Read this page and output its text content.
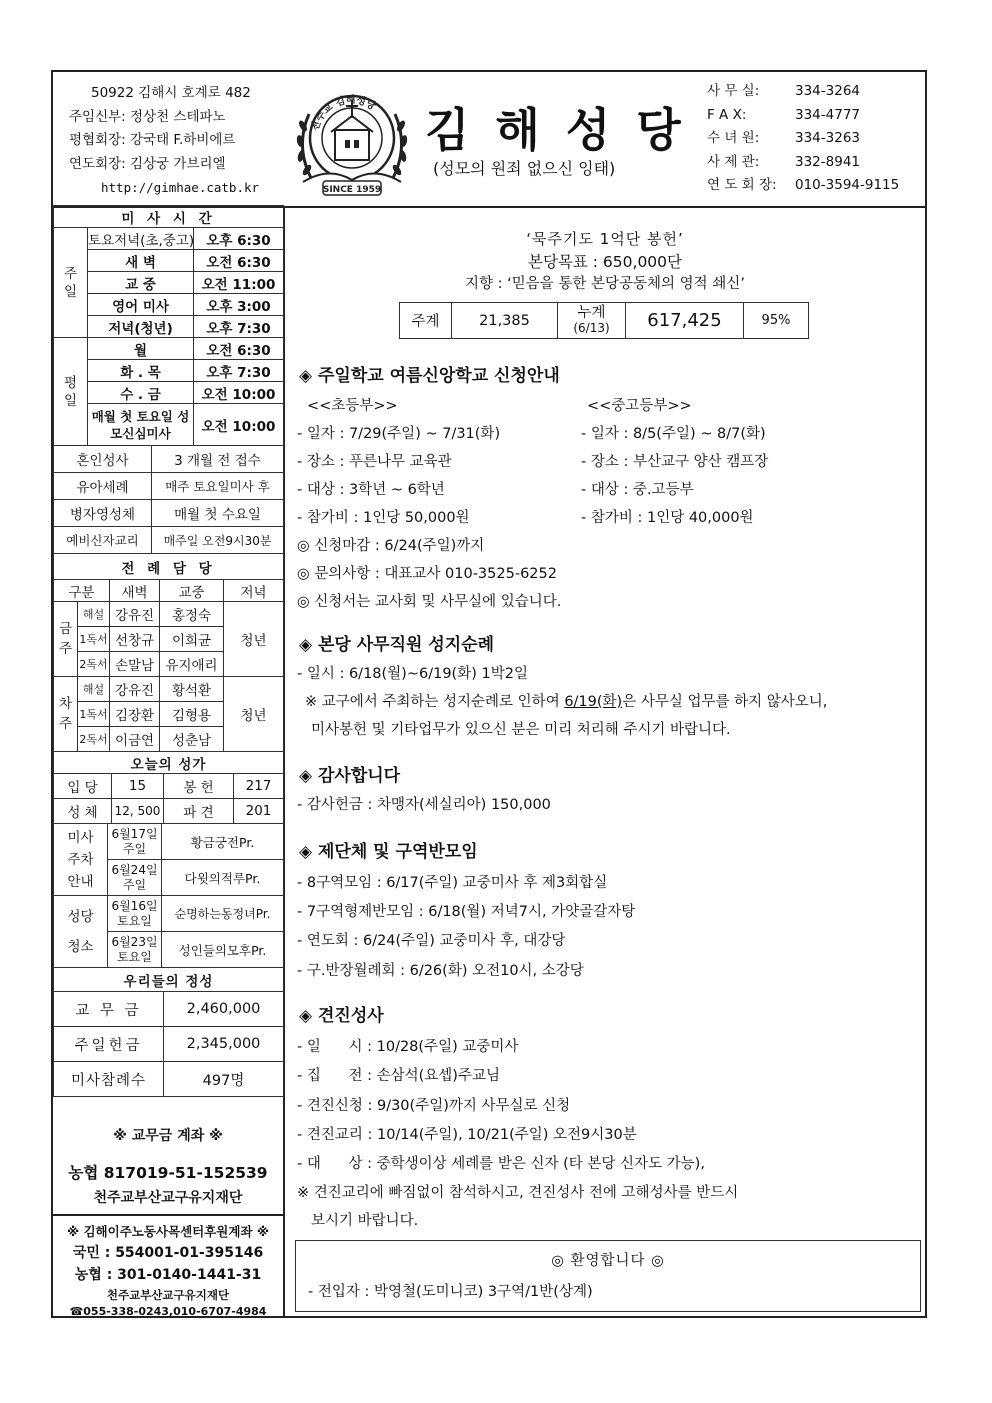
50922 김해시 호계로 482
주임신부: 정상천 스테파노
평협회장: 강국태 F.하비에르
연도회장: 김상궁 가브리엘
http://gimhae.catb.kr
천주교 김해성당
SINCE 1959
김해성당
(성모의 원죄 없으신 잉태)
사 무 실:	334-3264
F A X:	334-4777
수 녀 원:	334-3263
사 제 관:	332-8941
연 도 회 장: 010-3594-9115
미 사 시 간		
주일	토요저녁(초,중고)	오후 6:30
	새 벽	오전 6:30
	교 중	오전 11:00
	영어 미사	오후 3:00
	저녁(청년)	오후 7:30
평일	월	오전 6:30
	화 . 목	오후 7:30
	수 . 금	오전 10:00
	매월 첫 토요일 성모신심미사	오전 10:00
혼인성사	3 개월 전 접수
유아세례	매주 토요일미사 후
병자영성체	매월 첫 수요일
예비신자교리	매주일 오전9시30분
전 례 담 당				
구분		새벽	교중	저녁
금주	해설	강유진	홍정숙	청년
	1독서	선창규	이희균	
	2독서	손말남	유지애리	
차주	해설	강유진	황석환	청년
	1독서	김장환	김형용	
	2독서	이금연	성춘남	
오늘의 성가			
입 당	15	봉 헌	217
성 체	12, 500	파 견	201
미사 주차 안내	6월17일 주일	황금궁전Pr.
	6월24일 주일	다윗의적루Pr.
성당 청소	6월16일 토요일	순명하는동정녀Pr.
	6월23일 토요일	성인들의모후Pr.
우리들의 정성	
교 무 금	2,460,000
주일헌금	2,345,000
미사참례수	497명
※ 교무금 계좌 ※
농협 817019-51-152539
천주교부산교구유지재단
※ 김해이주노동사목센터후원계좌 ※
국민 : 554001-01-395146
농협 : 301-0140-1441-31
천주교부산교구유지재단
☎055-338-0243,010-6707-4984
‘묵주기도 1억단 봉헌’
본당목표 : 650,000단
지향 : ‘믿음을 통한 본당공동체의 영적 쇄신’
주계	21,385	누계
(6/13)	617,425	95%
◈ 주일학교 여름신앙학교 신청안내
<<초등부>>	<<중고등부>>
- 일자 : 7/29(주일) ~ 7/31(화)
- 장소 : 푸른나무 교육관
- 대상 : 3학년 ~ 6학년
- 참가비 : 1인당 50,000원
- 일자 : 8/5(주일) ~ 8/7(화)
- 장소 : 부산교구 양산 캠프장
- 대상 : 중.고등부
- 참가비 : 1인당 40,000원
◎ 신청마감 : 6/24(주일)까지
◎ 문의사항 : 대표교사 010-3525-6252
◎ 신청서는 교사회 및 사무실에 있습니다.
◈ 본당 사무직원 성지순례
- 일시 : 6/18(월)~6/19(화) 1박2일
※ 교구에서 주최하는 성지순례로 인하여 6/19(화)은 사무실 업무를 하지 않사오니,
미사봉헌 및 기타업무가 있으신 분은 미리 처리해 주시기 바랍니다.
◈ 감사합니다
- 감사헌금 : 차맹자(세실리아) 150,000
◈ 제단체 및 구역반모임
- 8구역모임 : 6/17(주일) 교중미사 후 제3회합실
- 7구역형제반모임 : 6/18(월) 저녁7시, 가얏골갈자탕
- 연도회 : 6/24(주일) 교중미사 후, 대강당
- 구.반장월례회 : 6/26(화) 오전10시, 소강당
◈ 견진성사
- 일      시 : 10/28(주일) 교중미사
- 집      전 : 손삼석(요셉)주교님
- 견진신청 : 9/30(주일)까지 사무실로 신청
- 견진교리 : 10/14(주일), 10/21(주일) 오전9시30분
- 대      상 : 중학생이상 세례를 받은 신자 (타 본당 신자도 가능),
※ 견진교리에 빠짐없이 참석하시고, 견진성사 전에 고해성사를 반드시
보시기 바랍니다.
◎ 환영합니다 ◎
- 전입자 : 박영철(도미니코) 3구역/1반(상계)
